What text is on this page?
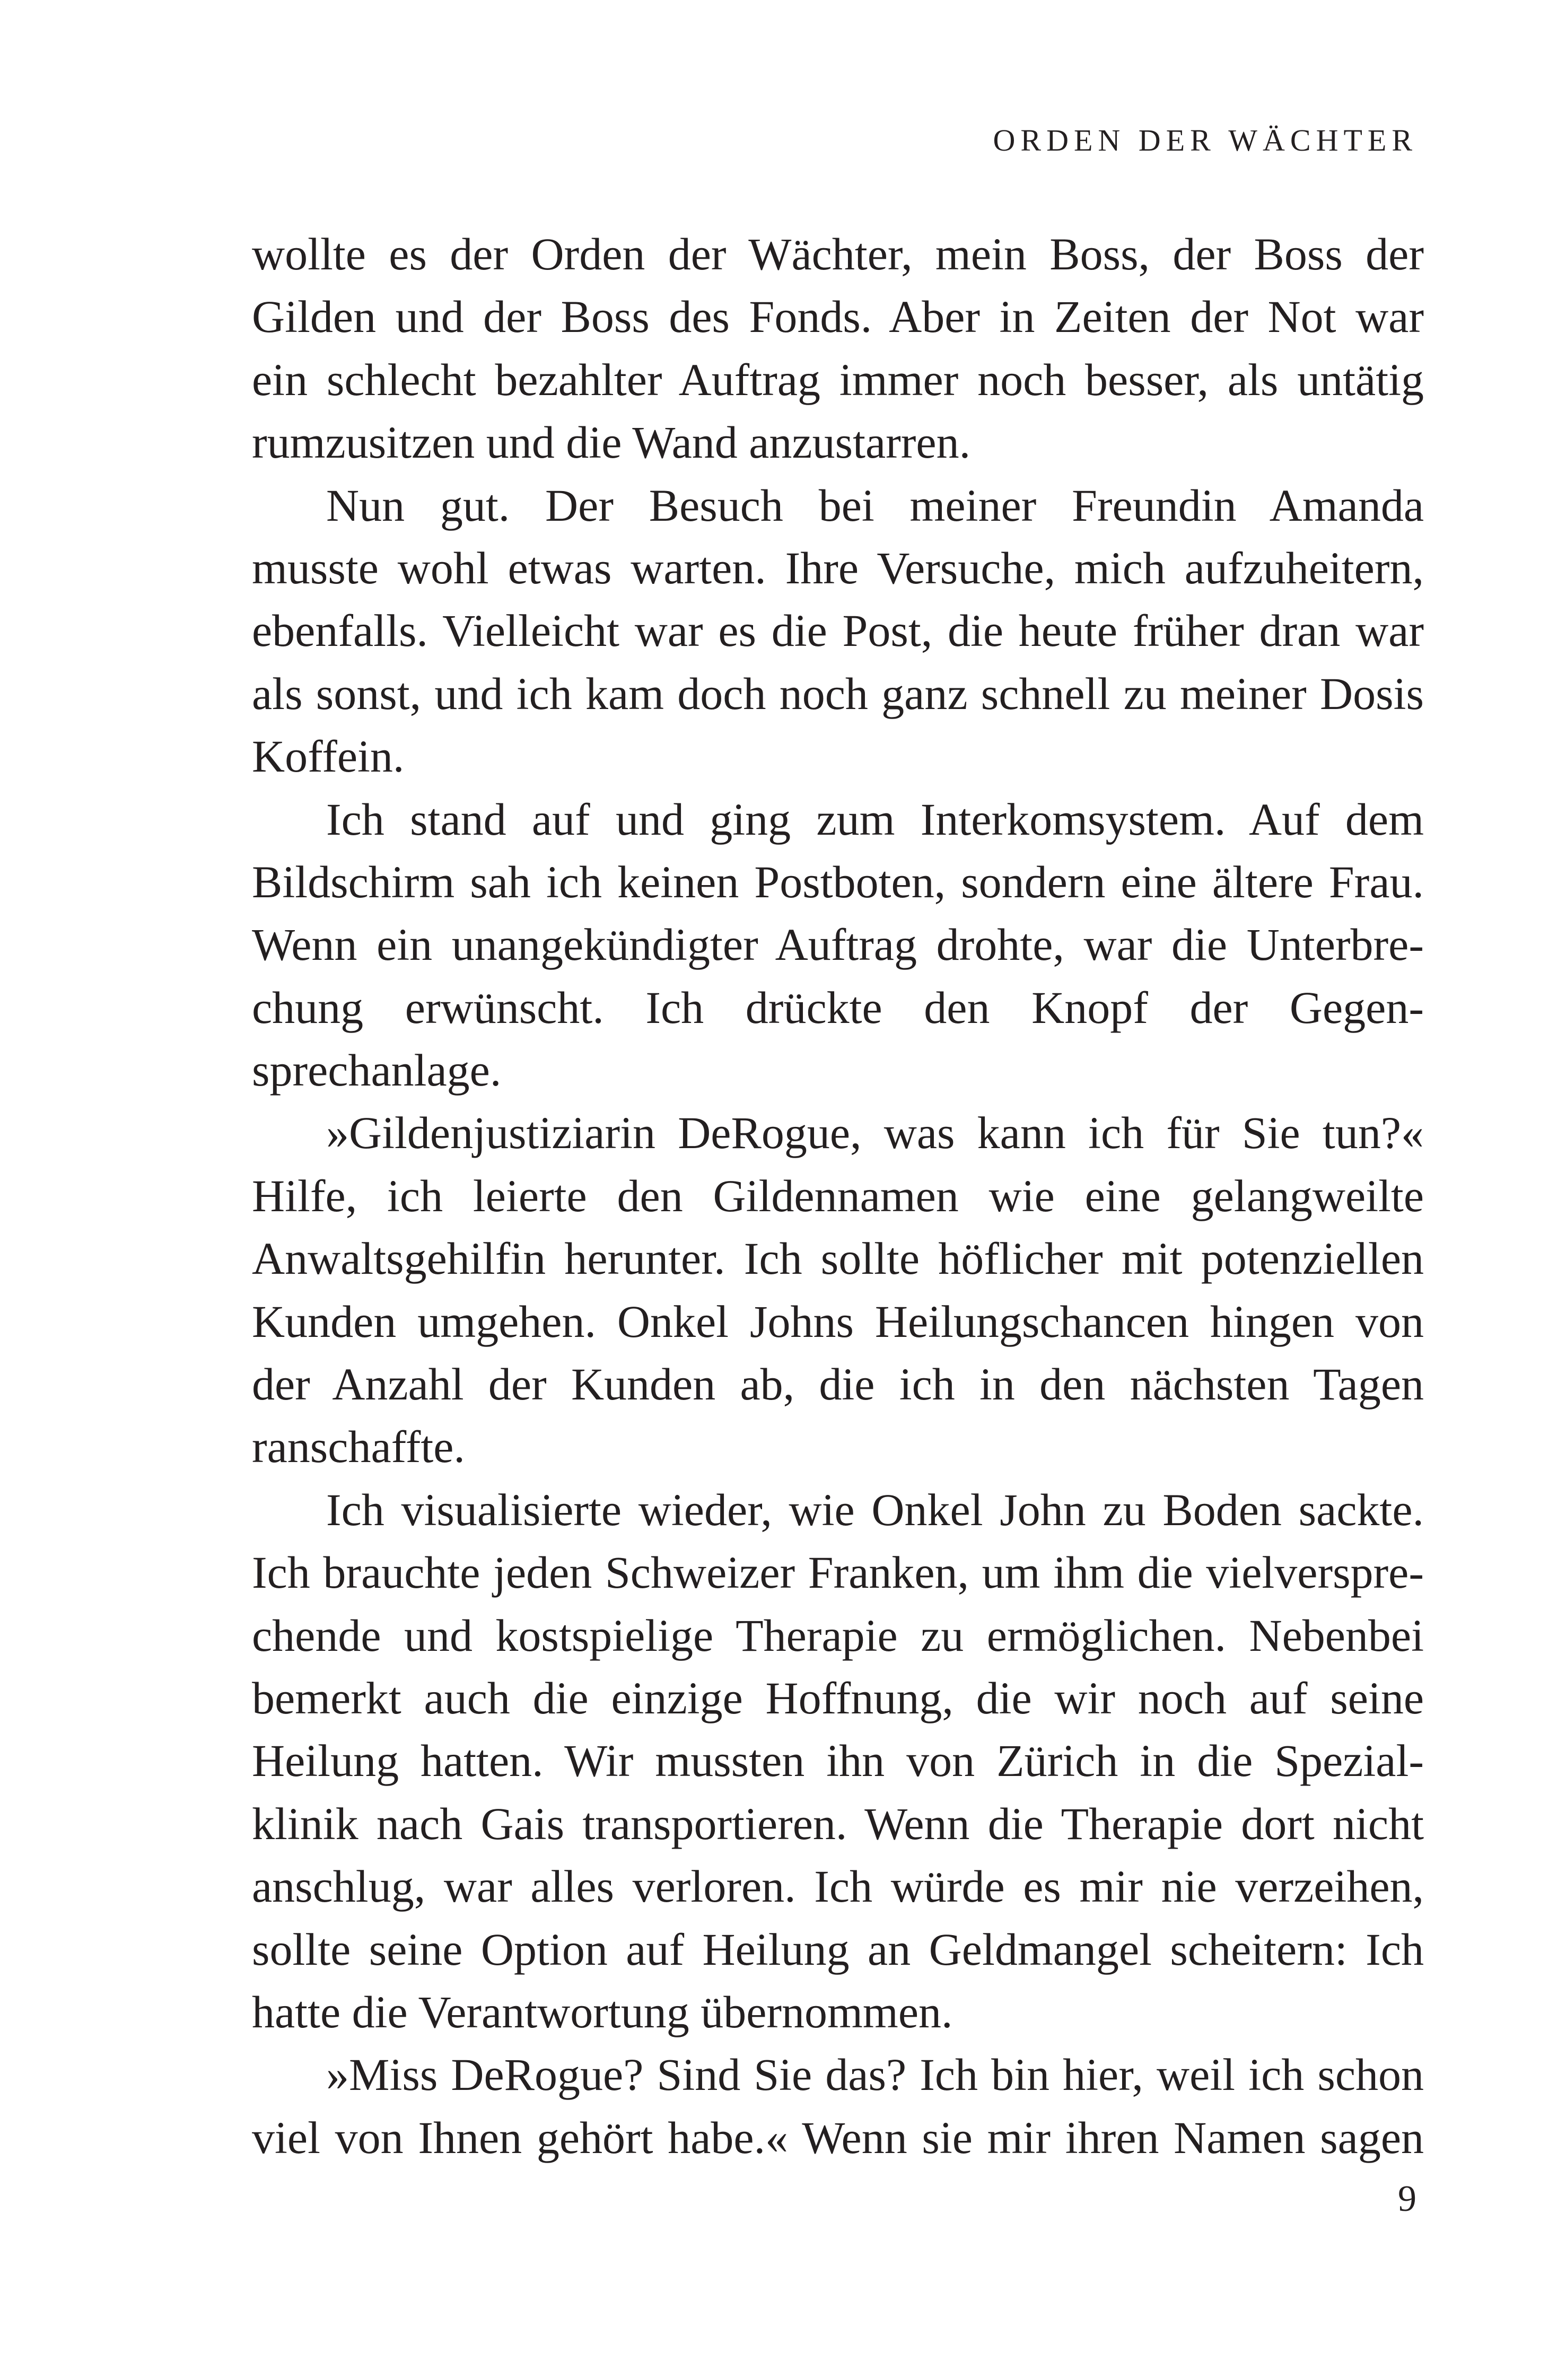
ORDEN DER WÄCHTER
wollte es der Orden der Wächter, mein Boss, der Boss der
Gilden und der Boss des Fonds. Aber in Zeiten der Not war
ein schlecht bezahlter Auftrag immer noch besser, als untätig
rumzusitzen und die Wand anzustarren.
Nun gut. Der Besuch bei meiner Freundin Amanda
musste wohl etwas warten. Ihre Versuche, mich aufzuheitern,
ebenfalls. Vielleicht war es die Post, die heute früher dran war
als sonst, und ich kam doch noch ganz schnell zu meiner Dosis
Koffein.
Ich stand auf und ging zum Interkomsystem. Auf dem
Bildschirm sah ich keinen Postboten, sondern eine ältere Frau.
Wenn ein unangekündigter Auftrag drohte, war die Unterbre-
chung erwünscht. Ich drückte den Knopf der Gegen-
sprechanlage.
»Gildenjustiziarin DeRogue, was kann ich für Sie tun?«
Hilfe, ich leierte den Gildennamen wie eine gelangweilte
Anwaltsgehilfin herunter. Ich sollte höflicher mit potenziellen
Kunden umgehen. Onkel Johns Heilungschancen hingen von
der Anzahl der Kunden ab, die ich in den nächsten Tagen
ranschaffte.
Ich visualisierte wieder, wie Onkel John zu Boden sackte.
Ich brauchte jeden Schweizer Franken, um ihm die vielverspre-
chende und kostspielige Therapie zu ermöglichen. Nebenbei
bemerkt auch die einzige Hoffnung, die wir noch auf seine
Heilung hatten. Wir mussten ihn von Zürich in die Spezial-
klinik nach Gais transportieren. Wenn die Therapie dort nicht
anschlug, war alles verloren. Ich würde es mir nie verzeihen,
sollte seine Option auf Heilung an Geldmangel scheitern: Ich
hatte die Verantwortung übernommen.
»Miss DeRogue? Sind Sie das? Ich bin hier, weil ich schon
viel von Ihnen gehört habe.« Wenn sie mir ihren Namen sagen
9
